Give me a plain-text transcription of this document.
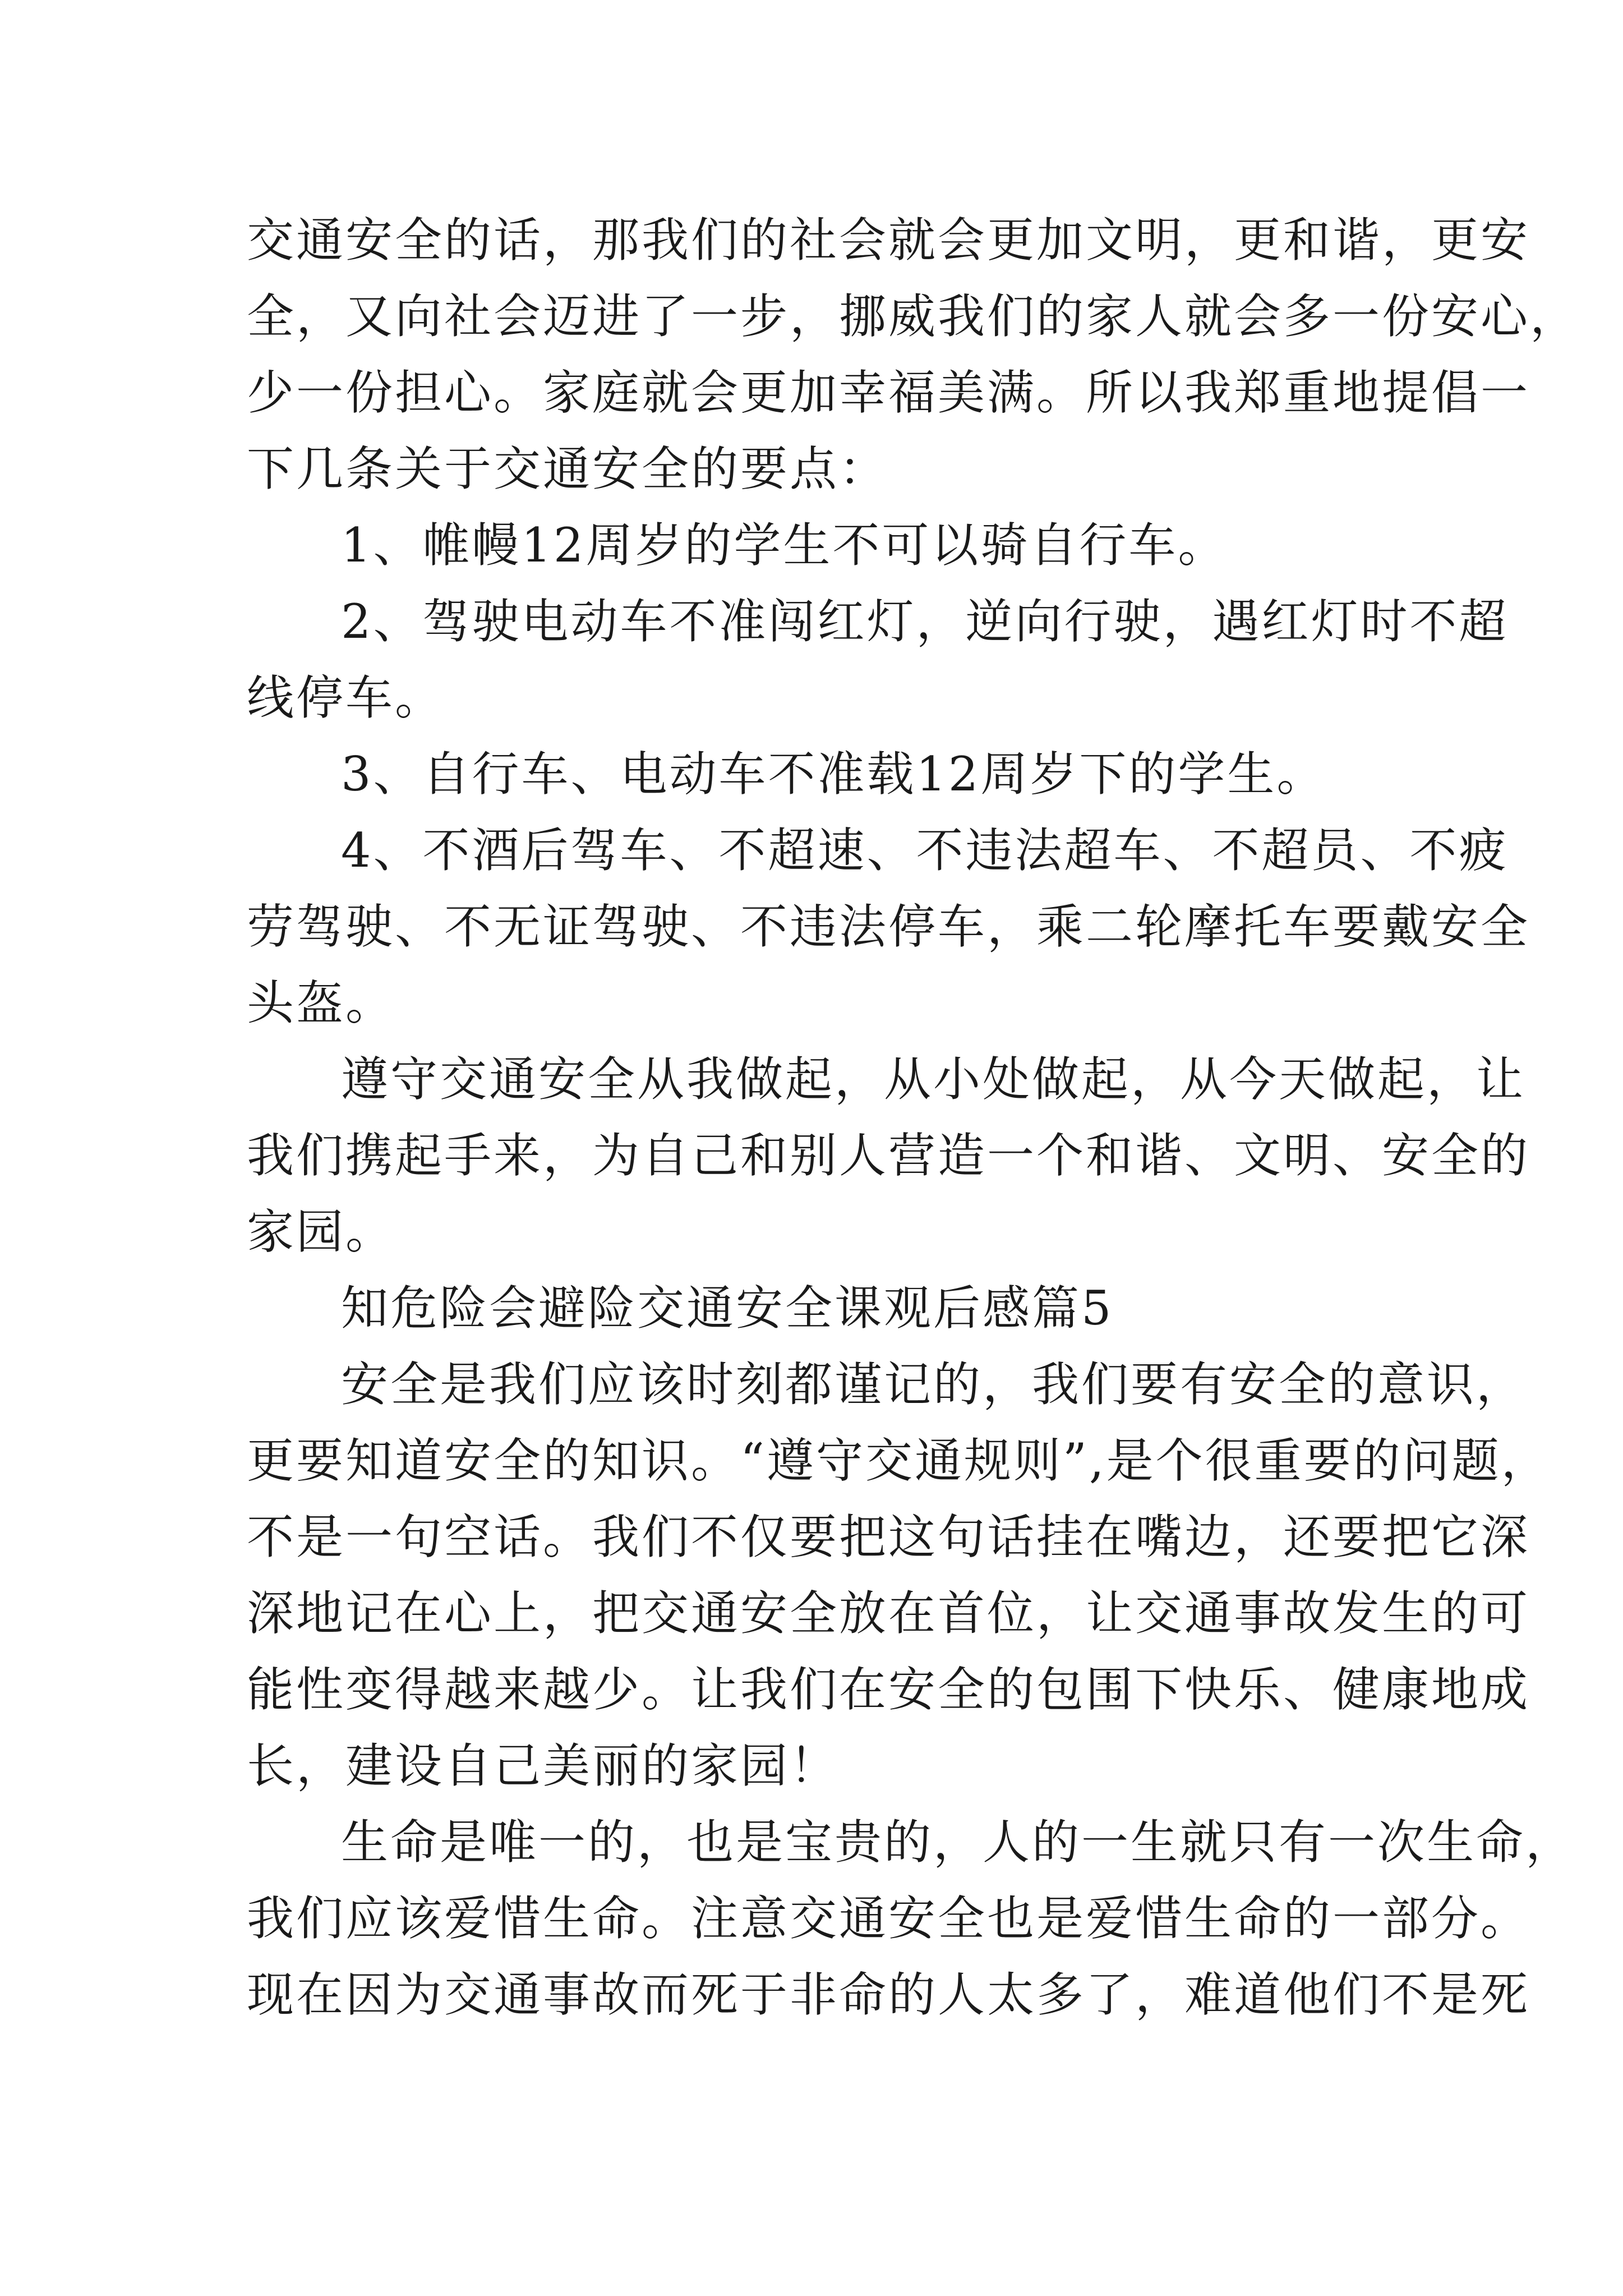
交通安全的话，那我们的社会就会更加文明，更和谐，更安
全，又向社会迈进了一步，挪威我们的家人就会多一份安心，
少一份担心。家庭就会更加幸福美满。所以我郑重地提倡一
下几条关于交通安全的要点：
1、帷幔12周岁的学生不可以骑自行车。
2、驾驶电动车不准闯红灯，逆向行驶，遇红灯时不超
线停车。
3、自行车、电动车不准载12周岁下的学生。
4、不酒后驾车、不超速、不违法超车、不超员、不疲
劳驾驶、不无证驾驶、不违法停车，乘二轮摩托车要戴安全
头盔。
遵守交通安全从我做起，从小处做起，从今天做起，让
我们携起手来，为自己和别人营造一个和谐、文明、安全的
家园。
知危险会避险交通安全课观后感篇5
安全是我们应该时刻都谨记的，我们要有安全的意识，
更要知道安全的知识。“遵守交通规则”,是个很重要的问题，
不是一句空话。我们不仅要把这句话挂在嘴边，还要把它深
深地记在心上，把交通安全放在首位，让交通事故发生的可
能性变得越来越少。让我们在安全的包围下快乐、健康地成
长，建设自己美丽的家园！
生命是唯一的，也是宝贵的，人的一生就只有一次生命，
我们应该爱惜生命。注意交通安全也是爱惜生命的一部分。
现在因为交通事故而死于非命的人太多了，难道他们不是死
